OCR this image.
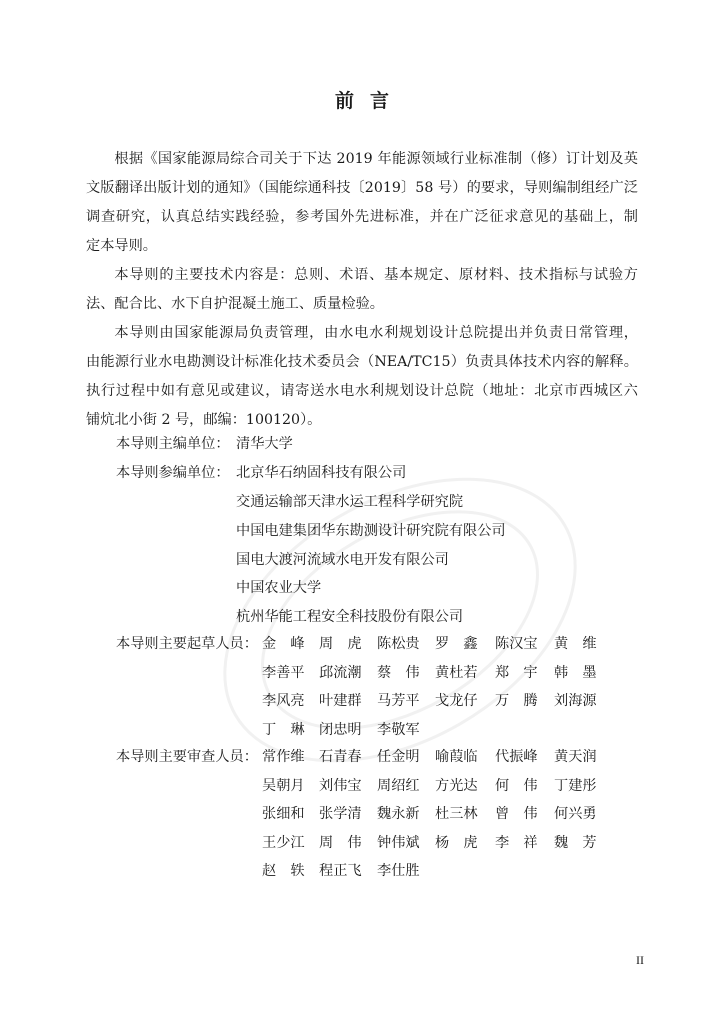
前言

根据《国家能源局综合司关于下达 2019 年能源领域行业标准制（修）订计划及英
文版翻译出版计划的通知》（国能综通科技〔2019〕58 号）的要求，导则编制组经广泛
调查研究，认真总结实践经验，参考国外先进标准，并在广泛征求意见的基础上，制
定本导则。

本导则的主要技术内容是：总则、术语、基本规定、原材料、技术指标与试验方
法、配合比、水下自护混凝土施工、质量检验。

本导则由国家能源局负责管理，由水电水利规划设计总院提出并负责日常管理，
由能源行业水电勘测设计标准化技术委员会（NEA/TC15）负责具体技术内容的解释。
执行过程中如有意见或建议，请寄送水电水利规划设计总院（地址：北京市西城区六
铺炕北小街 2 号，邮编：100120）。

本导则主编单位： 清华大学
本导则参编单位： 北京华石纳固科技有限公司
交通运输部天津水运工程科学研究院
中国电建集团华东勘测设计研究院有限公司
国电大渡河流域水电开发有限公司
中国农业大学
杭州华能工程安全科技股份有限公司
本导则主要起草人员： 金　峰 周　虎 陈松贵 罗　鑫 陈汉宝 黄　维
李善平 邱流潮 蔡　伟 黄杜若 郑　宇 韩　墨
李风亮 叶建群 马芳平 戈龙仔 万　腾 刘海源
丁　琳 闭忠明 李敬军
本导则主要审查人员： 常作维 石青春 任金明 喻葭临 代振峰 黄天润
吴朝月 刘伟宝 周绍红 方光达 何　伟 丁建彤
张细和 张学清 魏永新 杜三林 曾　伟 何兴勇
王少江 周　伟 钟伟斌 杨　虎 李　祥 魏　芳
赵　轶 程正飞 李仕胜
II
